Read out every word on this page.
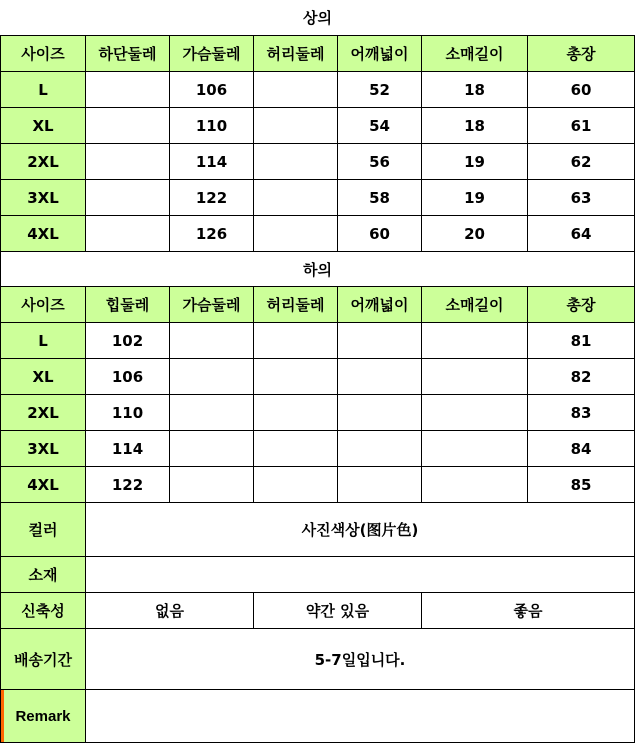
상의						
사이즈	하단둘레	가슴둘레	허리둘레	어깨넓이	소매길이	총장
L		106		52	18	60
XL		110		54	18	61
2XL		114		56	19	62
3XL		122		58	19	63
4XL		126		60	20	64
하의						
사이즈	힙둘레	가슴둘레	허리둘레	어깨넓이	소매길이	총장
L	102					81
XL	106					82
2XL	110					83
3XL	114					84
4XL	122					85
컬러	사진색상(图片色)					
소재						
신축성	없음		약간 있음		좋음	
배송기간	5-7일입니다.					

Remark						
